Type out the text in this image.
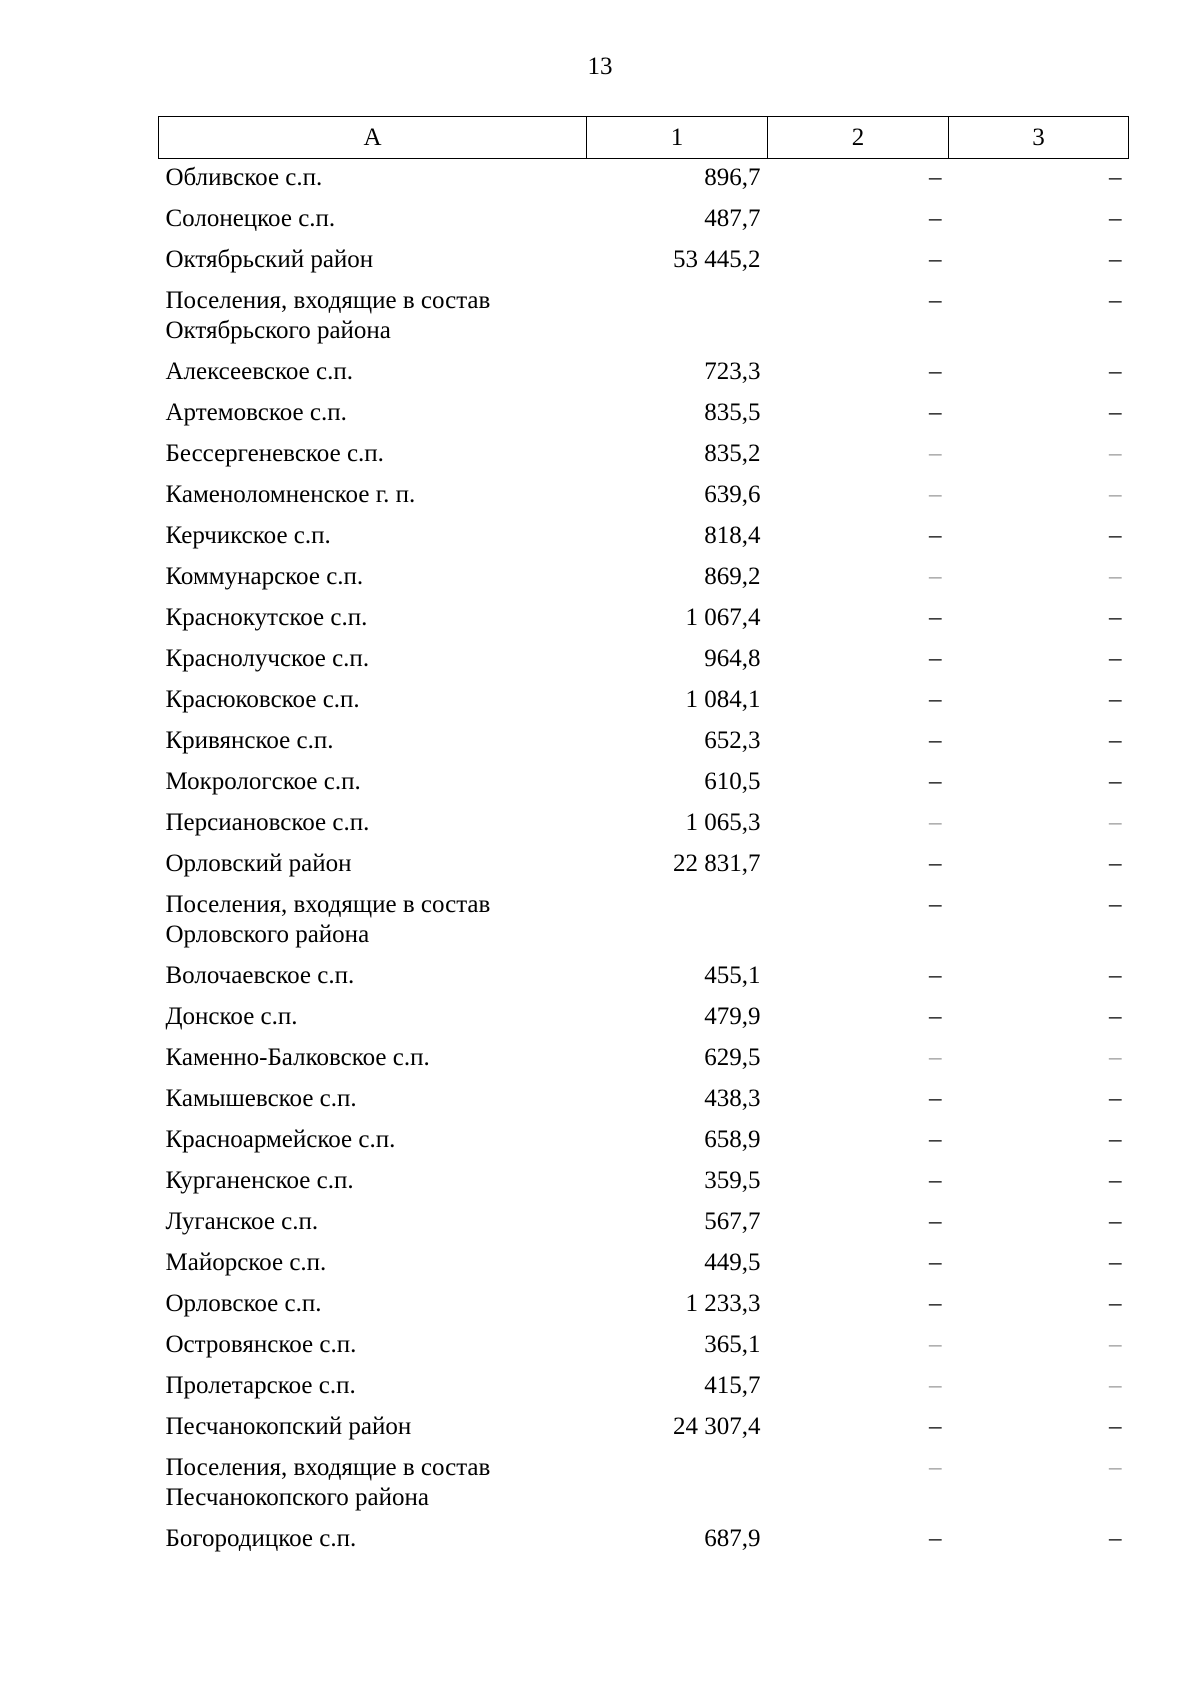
13
А	1	2	3
Обливское с.п.	896,7	–	–
Солонецкое с.п.	487,7	–	–
Октябрьский район	53 445,2	–	–
Поселения, входящие в состав Октябрьского района		–	–
Алексеевское с.п.	723,3	–	–
Артемовское с.п.	835,5	–	–
Бессергеневское с.п.	835,2	–	–
Каменоломненское г. п.	639,6	–	–
Керчикское с.п.	818,4	–	–
Коммунарское с.п.	869,2	–	–
Краснокутское с.п.	1 067,4	–	–
Краснолучское с.п.	964,8	–	–
Красюковское с.п.	1 084,1	–	–
Кривянское с.п.	652,3	–	–
Мокрологское с.п.	610,5	–	–
Персиановское с.п.	1 065,3	–	–
Орловский район	22 831,7	–	–
Поселения, входящие в состав Орловского района		–	–
Волочаевское с.п.	455,1	–	–
Донское с.п.	479,9	–	–
Каменно-Балковское с.п.	629,5	–	–
Камышевское с.п.	438,3	–	–
Красноармейское с.п.	658,9	–	–
Курганенское с.п.	359,5	–	–
Луганское с.п.	567,7	–	–
Майорское с.п.	449,5	–	–
Орловское с.п.	1 233,3	–	–
Островянское с.п.	365,1	–	–
Пролетарское с.п.	415,7	–	–
Песчанокопский район	24 307,4	–	–
Поселения, входящие в состав Песчанокопского района		–	–
Богородицкое с.п.	687,9	–	–
